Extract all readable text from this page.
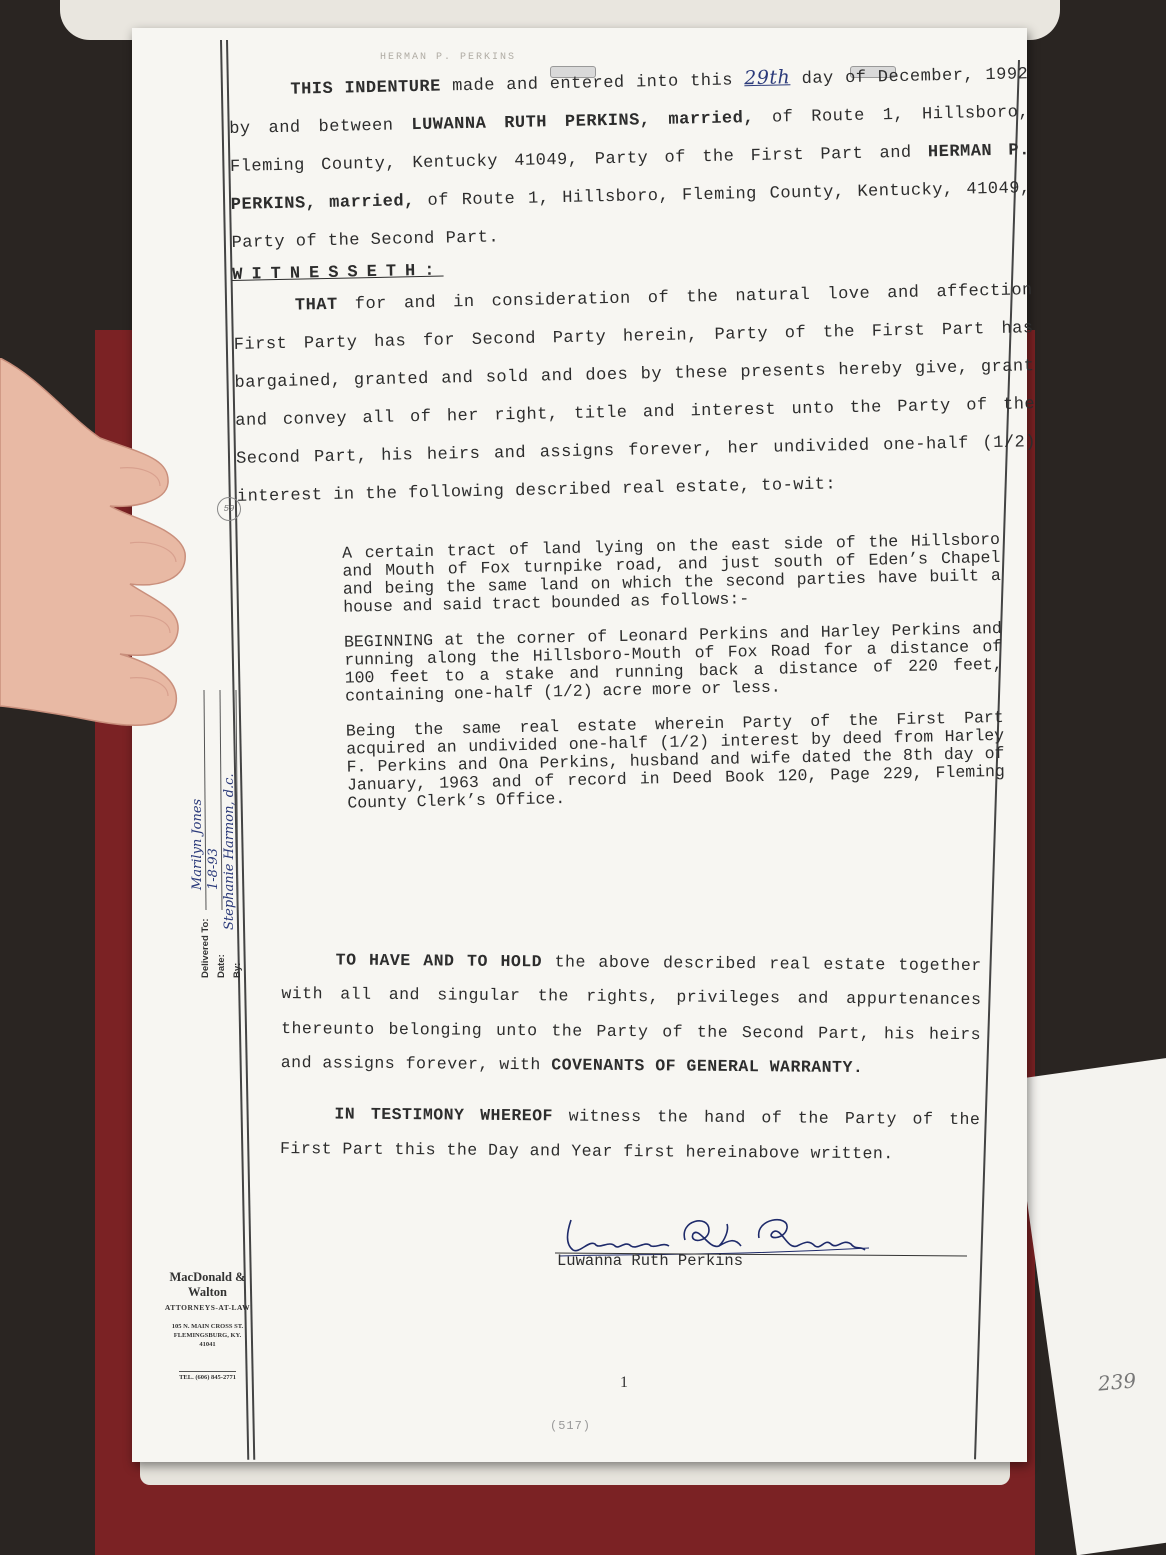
239
HERMAN P. PERKINS
59

THIS INDENTURE made and entered into this 29th day of December, 1992 by and between LUWANNA RUTH PERKINS, married, of Route 1, Hillsboro, Fleming County, Kentucky 41049, Party of the First Part and HERMAN P. PERKINS, married, of Route 1, Hillsboro, Fleming County, Kentucky, 41049, Party of the Second Part.

WITNESSETH:

THAT for and in consideration of the natural love and affection First Party has for Second Party herein, Party of the First Part has bargained, granted and sold and does by these presents hereby give, grant and convey all of her right, title and interest unto the Party of the Second Part, his heirs and assigns forever, her undivided one-half (1/2) interest in the following described real estate, to-wit:

A certain tract of land lying on the east side of the Hillsboro and Mouth of Fox turnpike road, and just south of Eden’s Chapel and being the same land on which the second parties have built a house and said tract bounded as follows:-

BEGINNING at the corner of Leonard Perkins and Harley Perkins and running along the Hillsboro-Mouth of Fox Road for a distance of 100 feet to a stake and running back a distance of 220 feet, containing one-half (1/2) acre more or less.

Being the same real estate wherein Party of the First Part acquired an undivided one-half (1/2) interest by deed from Harley F. Perkins and Ona Perkins, husband and wife dated the 8th day of January, 1963 and of record in Deed Book 120, Page 229, Fleming County Clerk’s Office.

TO HAVE AND TO HOLD the above described real estate together with all and singular the rights, privileges and appurtenances thereunto belonging unto the Party of the Second Part, his heirs and assigns forever, with COVENANTS OF GENERAL WARRANTY.

IN TESTIMONY WHEREOF witness the hand of the Party of the First Part this the Day and Year first hereinabove written.

Luwanna Ruth Perkins
1
(517)
Delivered To: Date: By:
Marilyn Jones 1-8-93 Stephanie Harmon, d.c.
MacDonald &
Walton
ATTORNEYS-AT-LAW
105 N. MAIN CROSS ST.
FLEMINGSBURG, KY.
41041
TEL. (606) 845-2771
